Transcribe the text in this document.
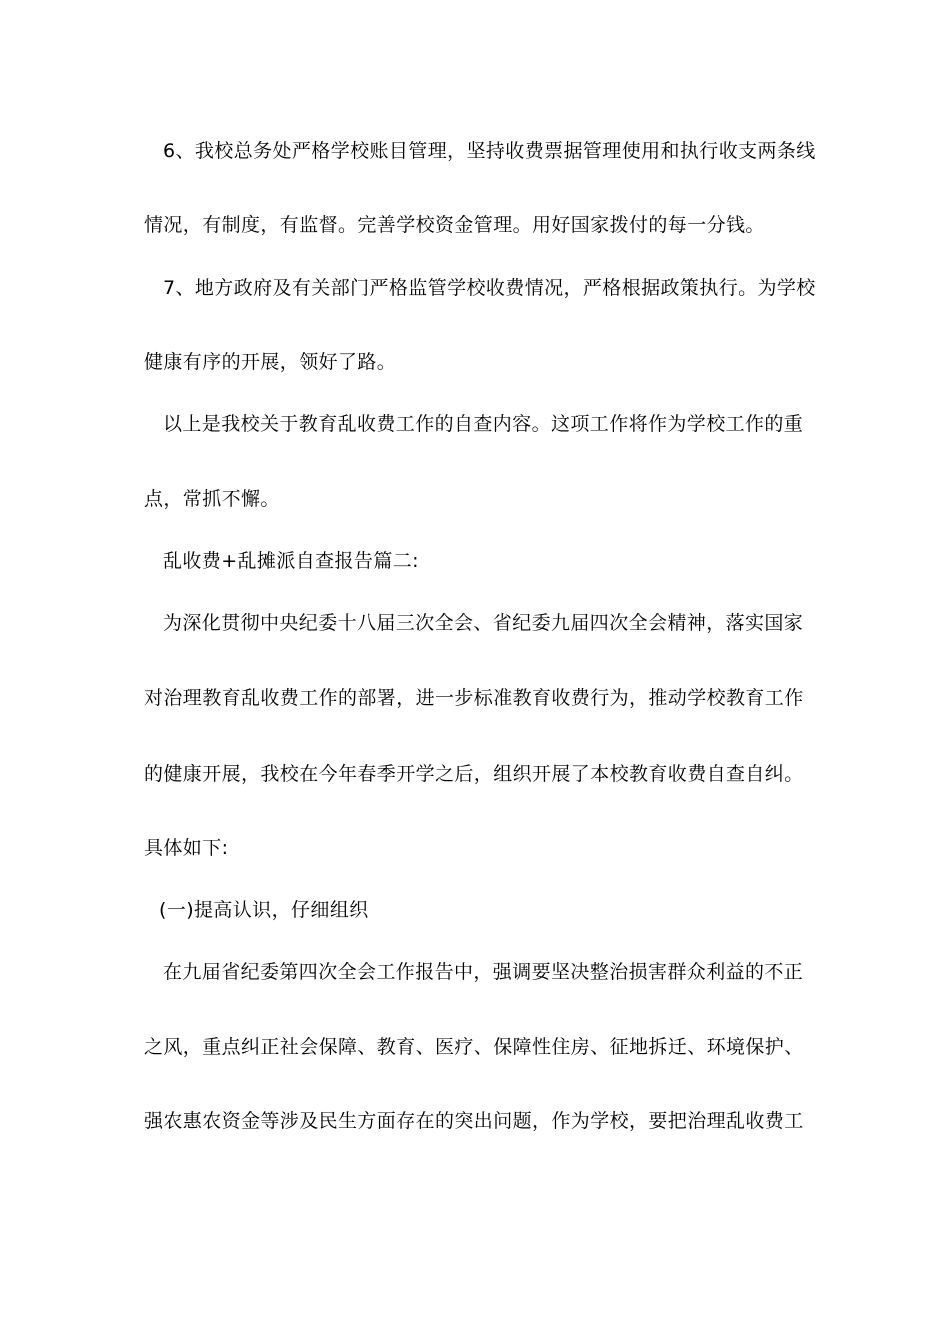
6、我校总务处严格学校账目管理，坚持收费票据管理使用和执行收支两条线
情况，有制度，有监督。完善学校资金管理。用好国家拨付的每一分钱。
7、地方政府及有关部门严格监管学校收费情况，严格根据政策执行。为学校
健康有序的开展，领好了路。
以上是我校关于教育乱收费工作的自查内容。这项工作将作为学校工作的重
点，常抓不懈。
乱收费+乱摊派自查报告篇二:
为深化贯彻中央纪委十八届三次全会、省纪委九届四次全会精神，落实国家
对治理教育乱收费工作的部署，进一步标准教育收费行为，推动学校教育工作
的健康开展，我校在今年春季开学之后，组织开展了本校教育收费自查自纠。
具体如下:
(一)提高认识，仔细组织
在九届省纪委第四次全会工作报告中，强调要坚决整治损害群众利益的不正
之风，重点纠正社会保障、教育、医疗、保障性住房、征地拆迁、环境保护、
强农惠农资金等涉及民生方面存在的突出问题，作为学校，要把治理乱收费工
